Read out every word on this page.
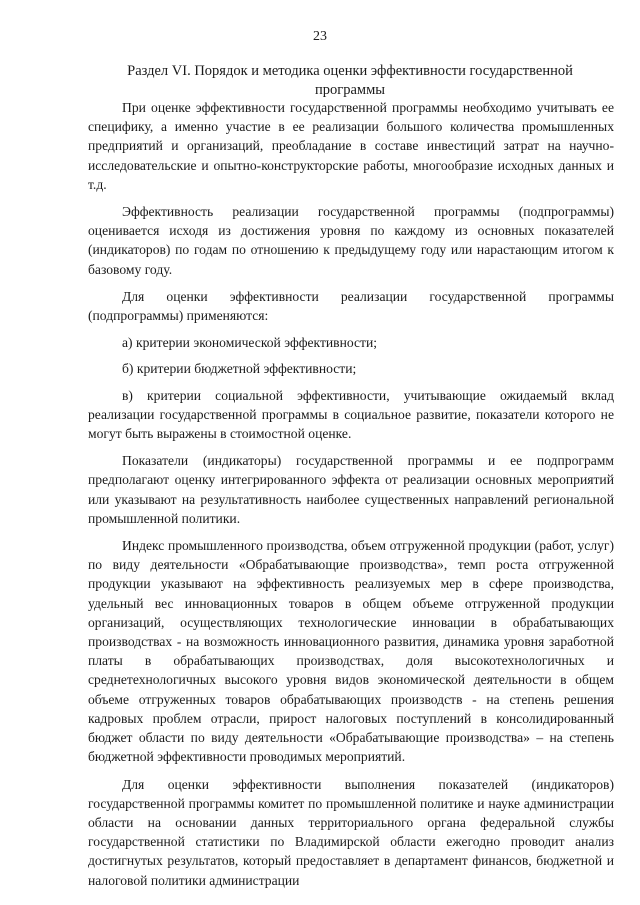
23
Раздел VI. Порядок и методика оценки эффективности государственной программы

При оценке эффективности государственной программы необходимо учитывать ее специфику, а именно участие в ее реализации большого количества промышленных предприятий и организаций, преобладание в составе инвестиций затрат на научно-исследовательские и опытно-конструкторские работы, многообразие исходных данных и т.д.

Эффективность реализации государственной программы (подпрограммы) оценивается исходя из достижения уровня по каждому из основных показателей (индикаторов) по годам по отношению к предыдущему году или нарастающим итогом к базовому году.

Для оценки эффективности реализации государственной программы (подпрограммы) применяются:

а) критерии экономической эффективности;

б) критерии бюджетной эффективности;

в) критерии социальной эффективности, учитывающие ожидаемый вклад реализации государственной программы в социальное развитие, показатели которого не могут быть выражены в стоимостной оценке.

Показатели (индикаторы) государственной программы и ее подпрограмм предполагают оценку интегрированного эффекта от реализации основных мероприятий или указывают на результативность наиболее существенных направлений региональной промышленной политики.

Индекс промышленного производства, объем отгруженной продукции (работ, услуг) по виду деятельности «Обрабатывающие производства», темп роста отгруженной продукции указывают на эффективность реализуемых мер в сфере производства, удельный вес инновационных товаров в общем объеме отгруженной продукции организаций, осуществляющих технологические инновации в обрабатывающих производствах - на возможность инновационного развития, динамика уровня заработной платы в обрабатывающих производствах, доля высокотехнологичных и среднетехнологичных высокого уровня видов экономической деятельности в общем объеме отгруженных товаров обрабатывающих производств - на степень решения кадровых проблем отрасли, прирост налоговых поступлений в консолидированный бюджет области по виду деятельности «Обрабатывающие производства» – на степень бюджетной эффективности проводимых мероприятий.

Для оценки эффективности выполнения показателей (индикаторов) государственной программы комитет по промышленной политике и науке администрации области на основании данных территориального органа федеральной службы государственной статистики по Владимирской области ежегодно проводит анализ достигнутых результатов, который предоставляет в департамент финансов, бюджетной и налоговой политики администрации
